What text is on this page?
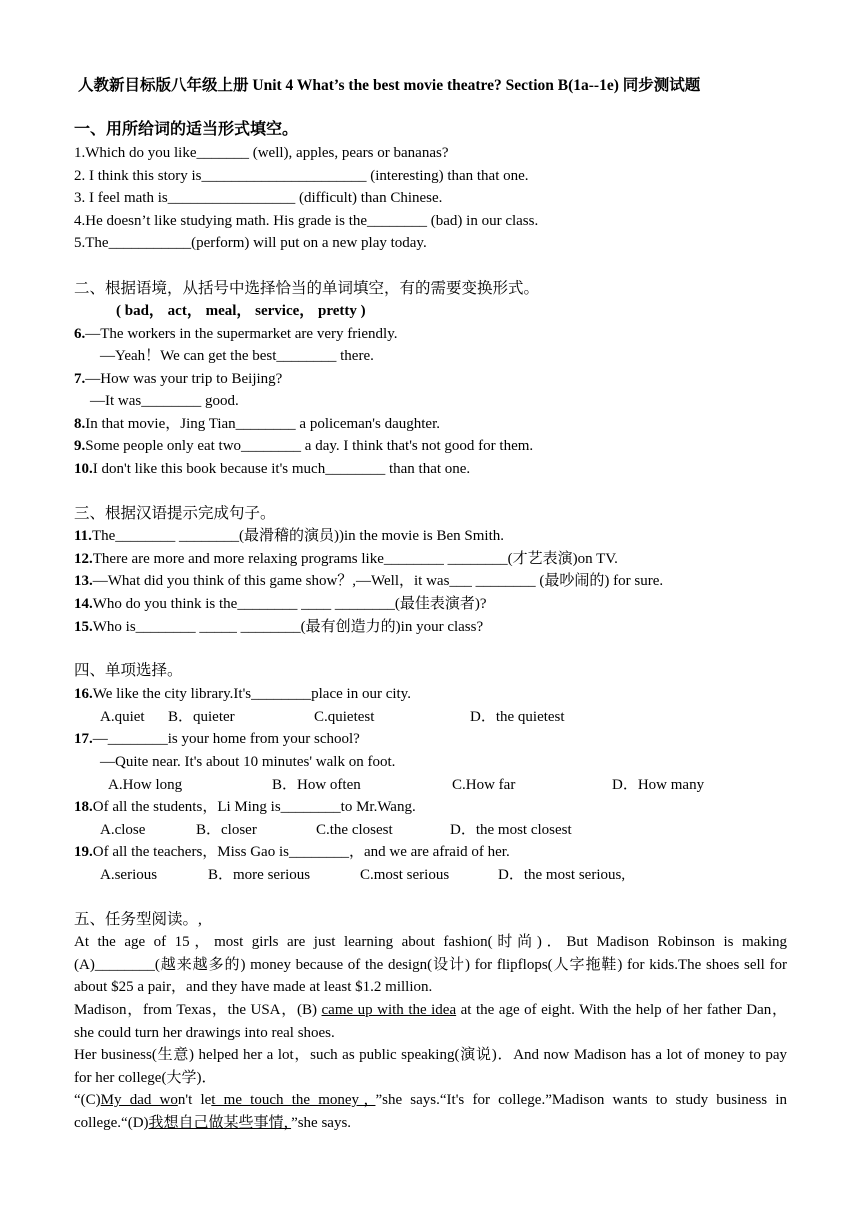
人教新目标版八年级上册 Unit 4 What’s the best movie theatre? Section B(1a--1e) 同步测试题
一、用所给词的适当形式填空。
1.Which do you like_______ (well), apples, pears or bananas?
2. I think this story is______________________ (interesting) than that one.
3. I feel math is_________________ (difficult) than Chinese.
4.He doesn’t like studying math. His grade is the________ (bad) in our class.
5.The___________(perform) will put on a new play today.
二、根据语境，从括号中选择恰当的单词填空，有的需要变换形式。
( bad， act， meal， service， pretty )
6.—The workers in the supermarket are very friendly.
—Yeah！We can get the best________ there.
7.—How was your trip to Beijing?
—It was________ good.
8.In that movie，Jing Tian________ a policeman's daughter.
9.Some people only eat two________ a day. I think that's not good for them.
10.I don't like this book because it's much________ than that one.
三、根据汉语提示完成句子。
11.The________ ________(最滑稽的演员))in the movie is Ben Smith.
12.There are more and more relaxing programs like________ ________(才艺表演)on TV.
13.—What did you think of this game show？,—Well，it was___ ________ (最吵闹的) for sure.
14.Who do you think is the________ ____ ________(最佳表演者)?
15.Who is________ _____ ________(最有创造力的)in your class?
四、单项选择。
16.We like the city library.It's________place in our city.
A.quiet B．quieter	C.quietest	D．the quietest
17.—________is your home from your school?
—Quite near. It's about 10 minutes' walk on foot.
A.How long	B．How often	C.How far	D．How many
18.Of all the students，Li Ming is________to Mr.Wang.
A.close	B．closer	C.the closest	D．the most closest
19.Of all the teachers，Miss Gao is________，and we are afraid of her.
A.serious	B．more serious	C.most serious	D．the most serious,
五、任务型阅读。,
At the age of 15，most girls are just learning about fashion(时尚)．But Madison Robinson is making (A)________(越来越多的) money because of the design(设计) for flipflops(人字拖鞋) for kids.The shoes sell for about $25 a pair，and they have made at least $1.2 million.
Madison，from Texas，the USA，(B) came up with the idea at the age of eight. With the help of her father Dan，she could turn her drawings into real shoes.
Her business(生意) helped her a lot，such as public speaking(演说)．And now Madison has a lot of money to pay for her college(大学)．
“(C)My dad won't let me touch the money，”she says.“It's for college.”Madison wants to study business in college.“(D)我想自己做某些事情，”she says.
